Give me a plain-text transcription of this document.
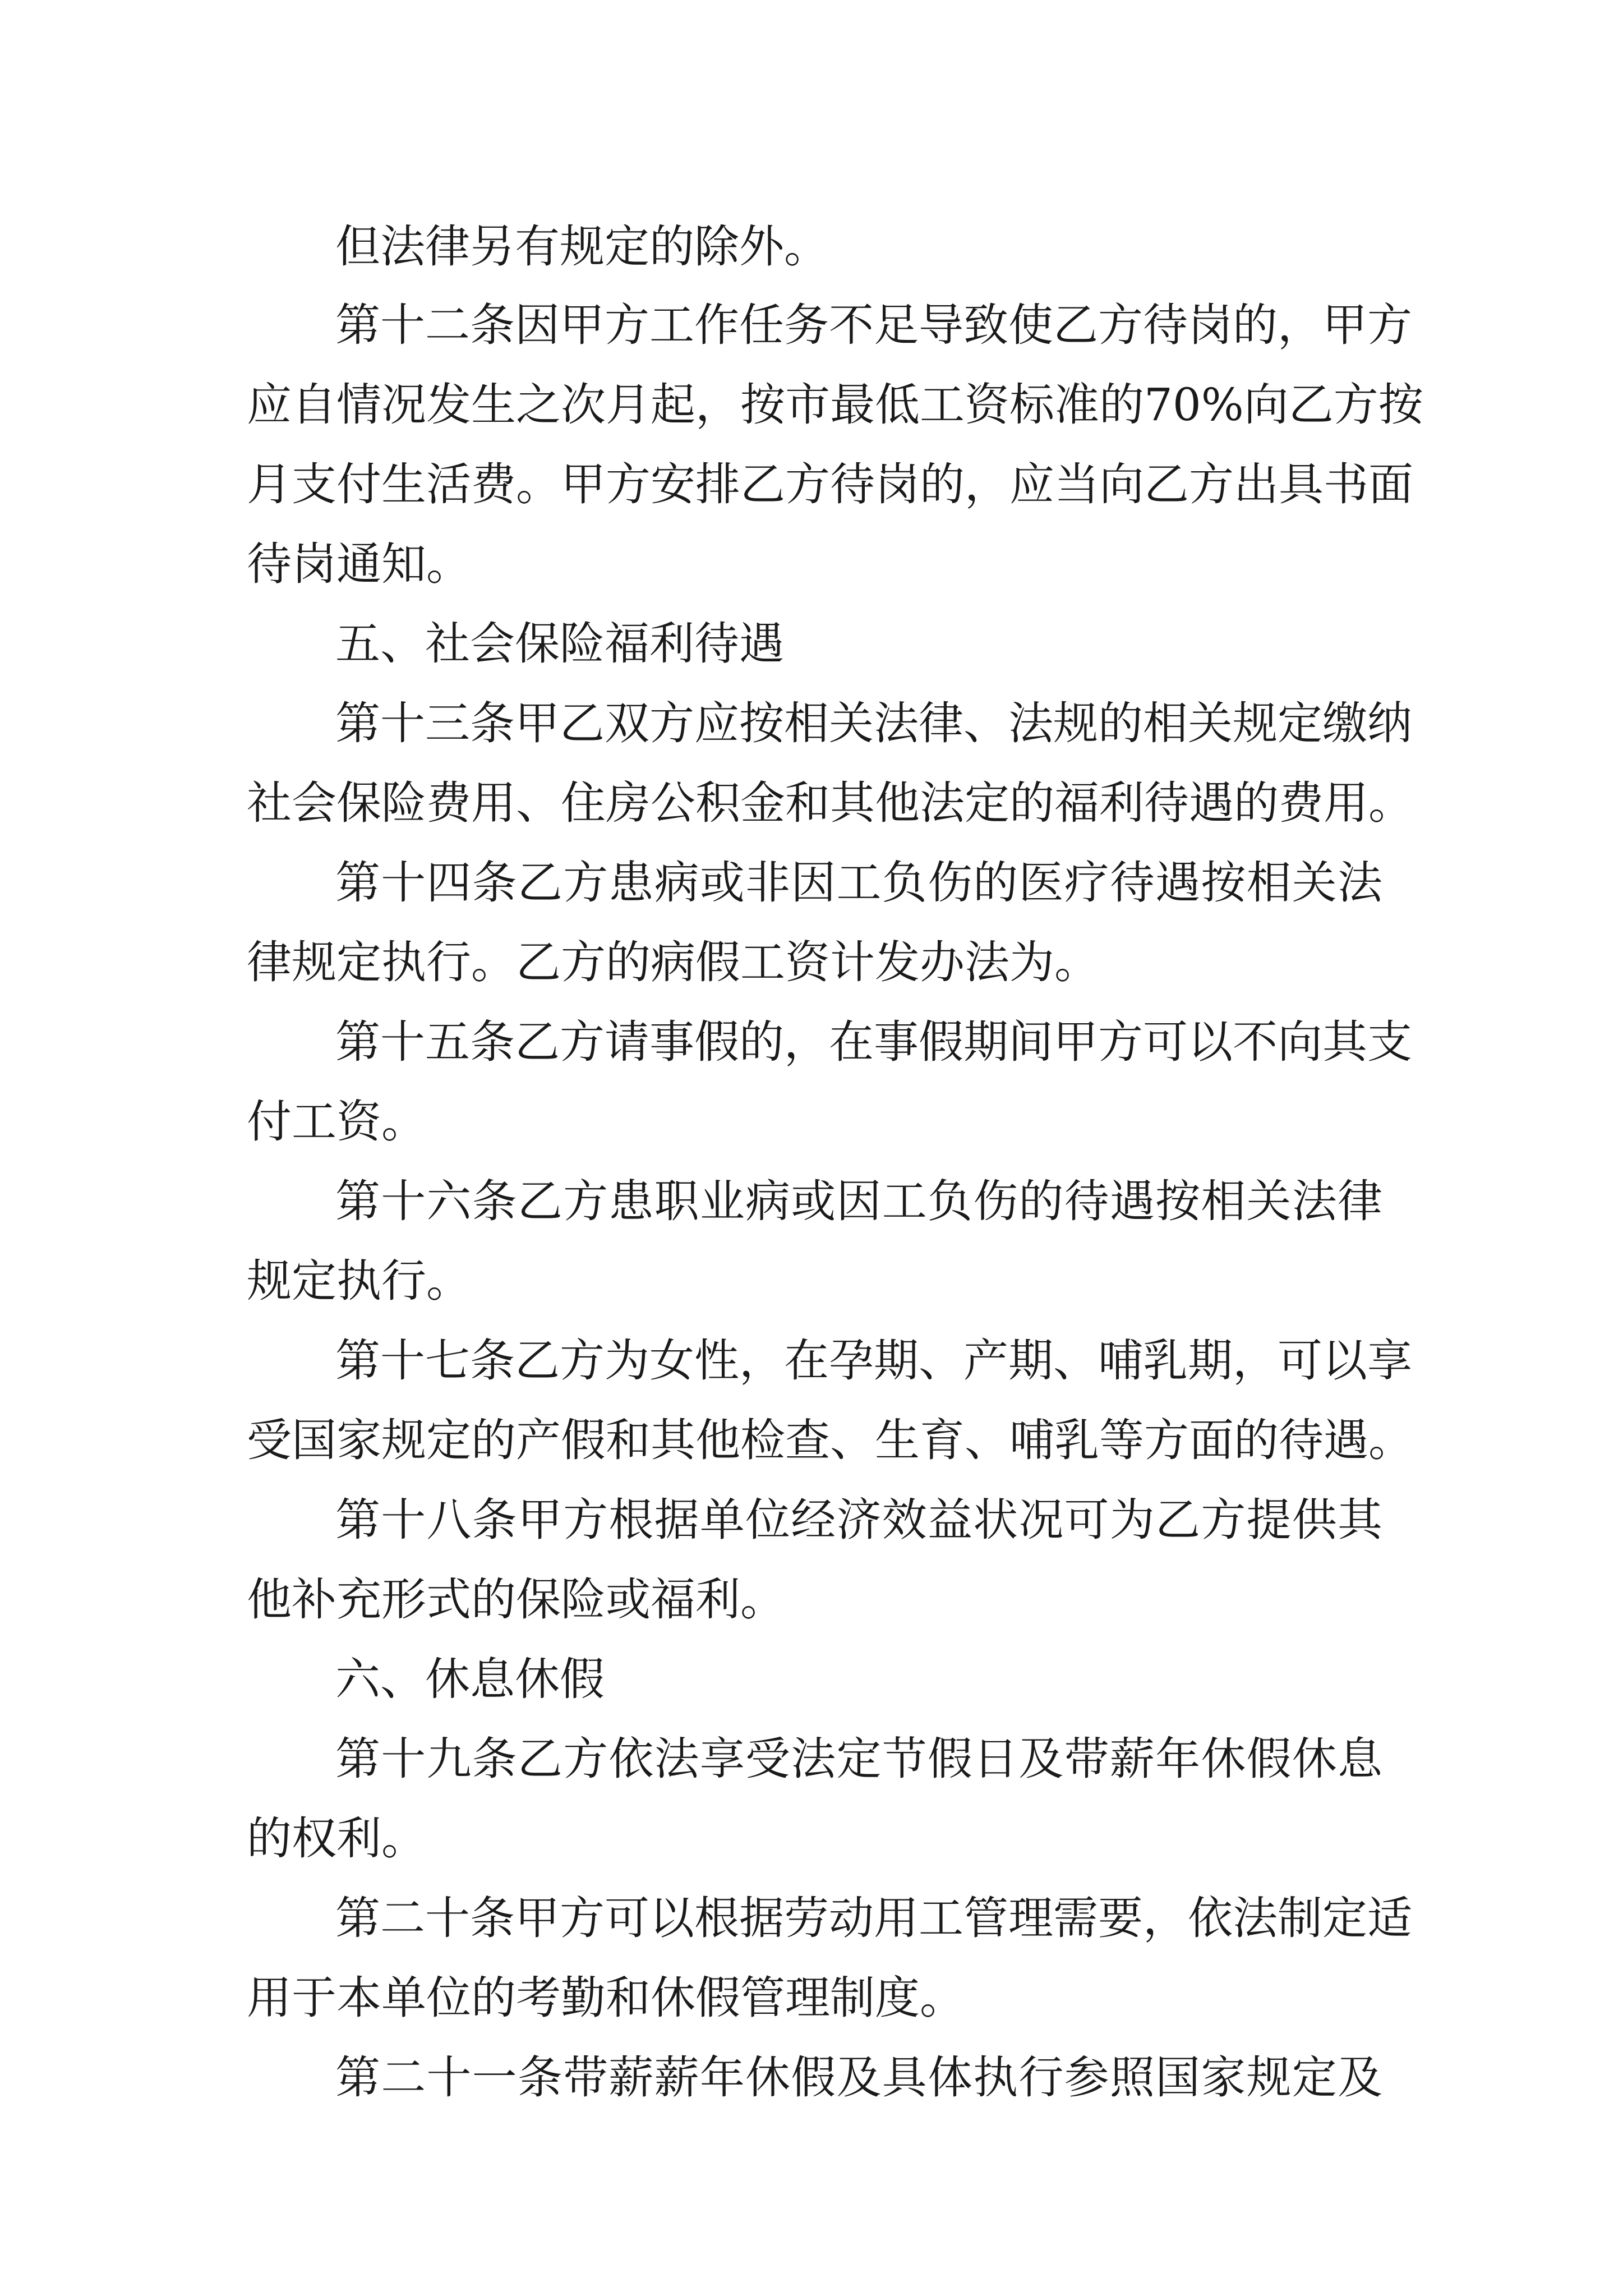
但法律另有规定的除外。

第十二条因甲方工作任务不足导致使乙方待岗的，甲方

应自情况发生之次月起，按市最低工资标准的70%向乙方按

月支付生活费。甲方安排乙方待岗的，应当向乙方出具书面

待岗通知。

五、社会保险福利待遇

第十三条甲乙双方应按相关法律、法规的相关规定缴纳

社会保险费用、住房公积金和其他法定的福利待遇的费用。

第十四条乙方患病或非因工负伤的医疗待遇按相关法

律规定执行。乙方的病假工资计发办法为。

第十五条乙方请事假的，在事假期间甲方可以不向其支

付工资。

第十六条乙方患职业病或因工负伤的待遇按相关法律

规定执行。

第十七条乙方为女性，在孕期、产期、哺乳期，可以享

受国家规定的产假和其他检查、生育、哺乳等方面的待遇。

第十八条甲方根据单位经济效益状况可为乙方提供其

他补充形式的保险或福利。

六、休息休假

第十九条乙方依法享受法定节假日及带薪年休假休息

的权利。

第二十条甲方可以根据劳动用工管理需要，依法制定适

用于本单位的考勤和休假管理制度。

第二十一条带薪薪年休假及具体执行参照国家规定及
